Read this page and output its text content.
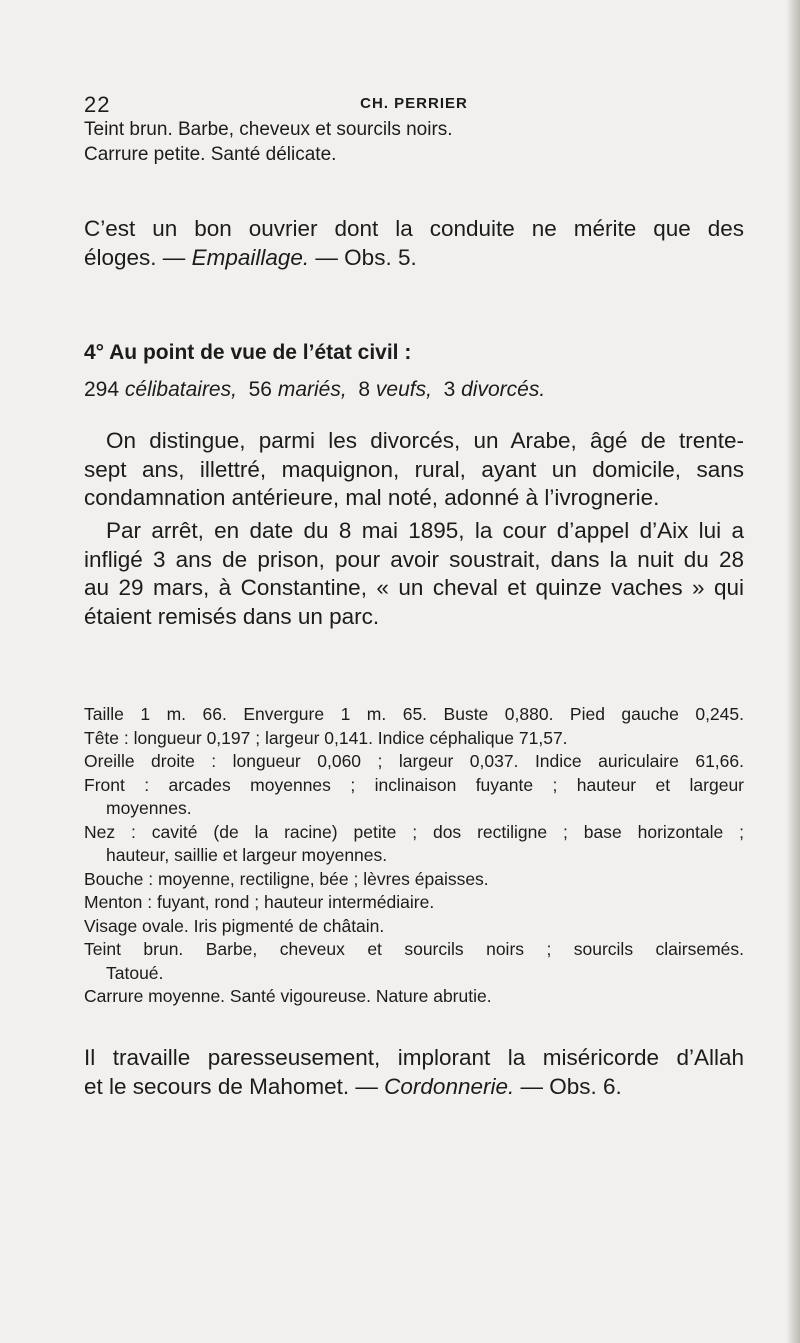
22	CH. PERRIER
Teint brun. Barbe, cheveux et sourcils noirs.
Carrure petite. Santé délicate.
C’est un bon ouvrier dont la conduite ne mérite que des
éloges. — Empaillage. — Obs. 5.
4° Au point de vue de l’état civil :
294 célibataires, 56 mariés, 8 veufs, 3 divorcés.
On distingue, parmi les divorcés, un Arabe, âgé de trente-
sept ans, illettré, maquignon, rural, ayant un domicile, sans
condamnation antérieure, mal noté, adonné à l’ivrognerie.
Par arrêt, en date du 8 mai 1895, la cour d’appel d’Aix lui a
infligé 3 ans de prison, pour avoir soustrait, dans la nuit du 28
au 29 mars, à Constantine, « un cheval et quinze vaches » qui
étaient remisés dans un parc.
Taille 1 m. 66. Envergure 1 m. 65. Buste 0,880. Pied gauche 0,245.
Tête : longueur 0,197 ; largeur 0,141. Indice céphalique 71,57.
Oreille droite : longueur 0,060 ; largeur 0,037. Indice auriculaire 61,66.
Front : arcades moyennes ; inclinaison fuyante ; hauteur et largeur
moyennes.
Nez : cavité (de la racine) petite ; dos rectiligne ; base horizontale ;
hauteur, saillie et largeur moyennes.
Bouche : moyenne, rectiligne, bée ; lèvres épaisses.
Menton : fuyant, rond ; hauteur intermédiaire.
Visage ovale. Iris pigmenté de châtain.
Teint brun. Barbe, cheveux et sourcils noirs ; sourcils clairsemés.
Tatoué.
Carrure moyenne. Santé vigoureuse. Nature abrutie.
Il travaille paresseusement, implorant la miséricorde d’Allah
et le secours de Mahomet. — Cordonnerie. — Obs. 6.
